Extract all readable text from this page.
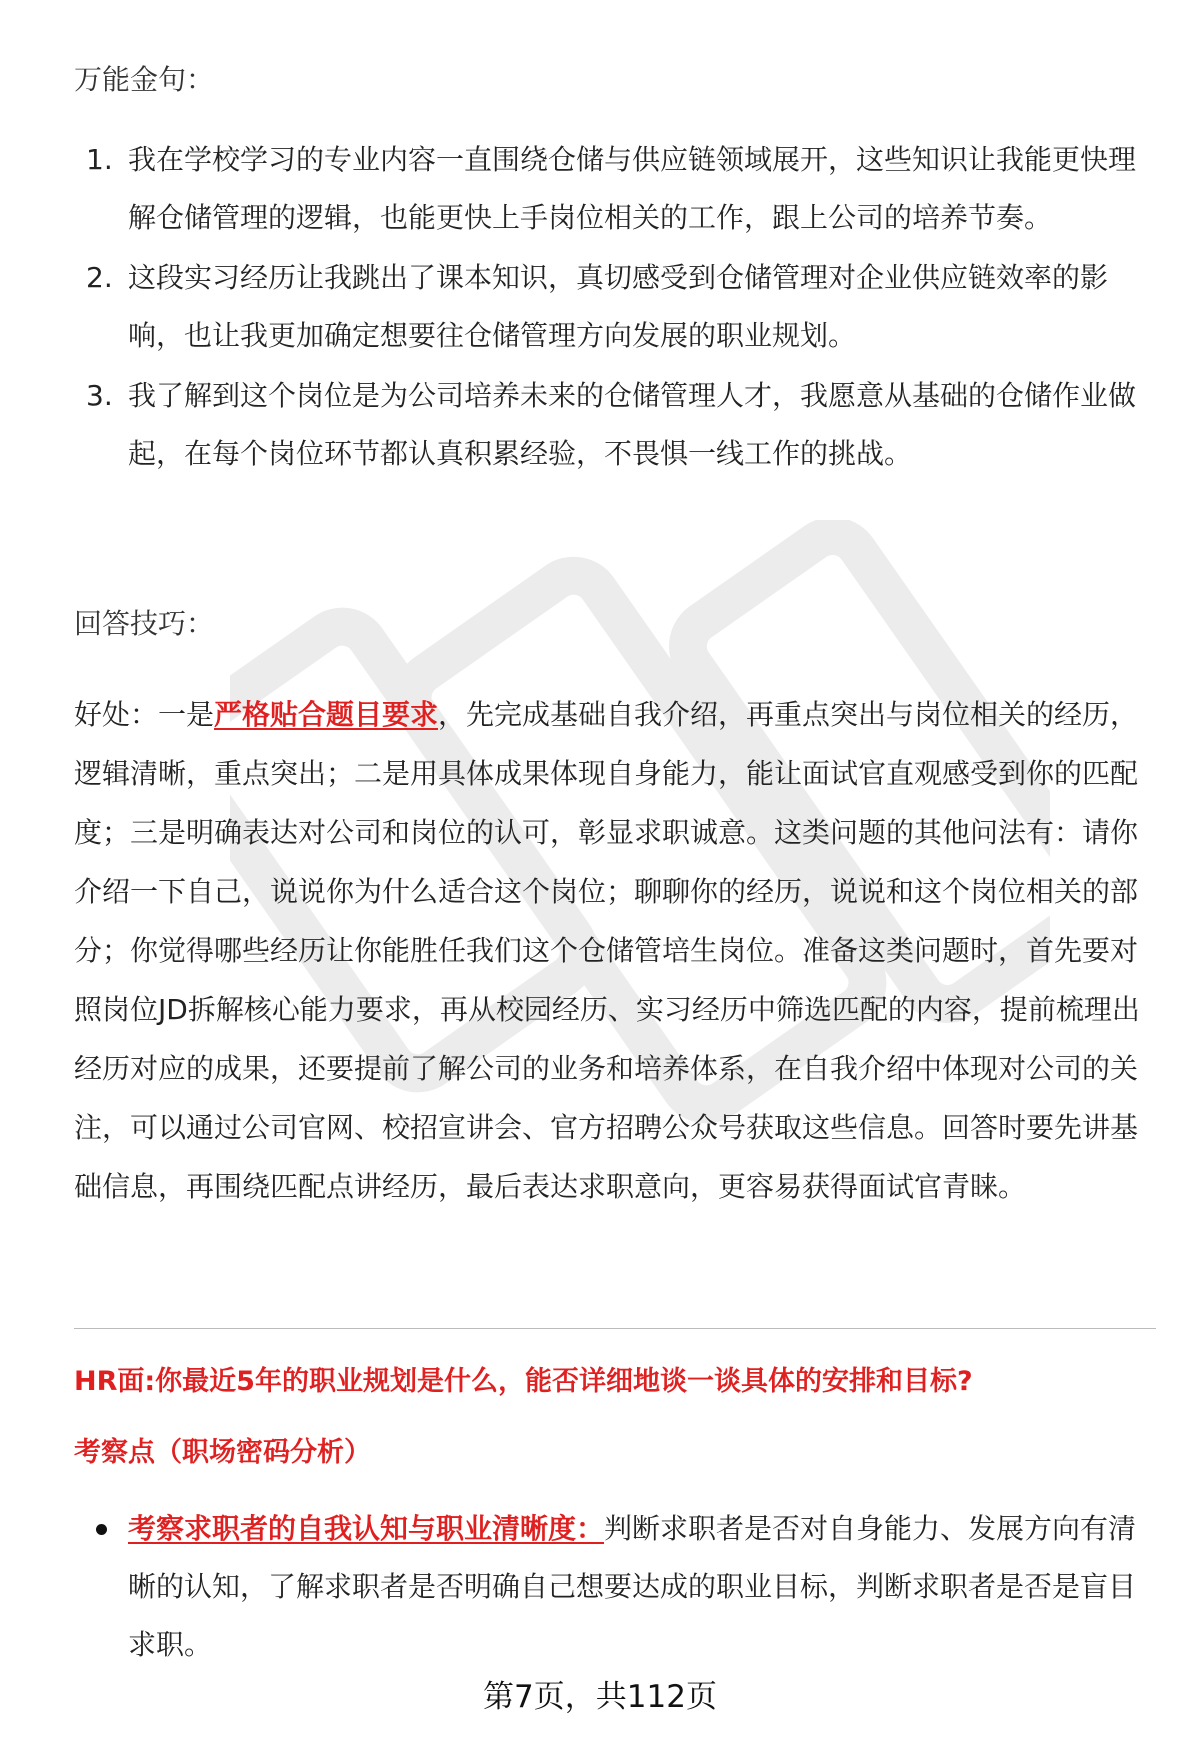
万能金句：
1. 我在学校学习的专业内容一直围绕仓储与供应链领域展开，这些知识让我能更快理解仓储管理的逻辑，也能更快上手岗位相关的工作，跟上公司的培养节奏。
2. 这段实习经历让我跳出了课本知识，真切感受到仓储管理对企业供应链效率的影响，也让我更加确定想要往仓储管理方向发展的职业规划。
3. 我了解到这个岗位是为公司培养未来的仓储管理人才，我愿意从基础的仓储作业做起，在每个岗位环节都认真积累经验，不畏惧一线工作的挑战。
回答技巧：

好处：一是严格贴合题目要求，先完成基础自我介绍，再重点突出与岗位相关的经历，逻辑清晰，重点突出；二是用具体成果体现自身能力，能让面试官直观感受到你的匹配度；三是明确表达对公司和岗位的认可，彰显求职诚意。这类问题的其他问法有：请你介绍一下自己，说说你为什么适合这个岗位；聊聊你的经历，说说和这个岗位相关的部分；你觉得哪些经历让你能胜任我们这个仓储管培生岗位。准备这类问题时，首先要对照岗位JD拆解核心能力要求，再从校园经历、实习经历中筛选匹配的内容，提前梳理出经历对应的成果，还要提前了解公司的业务和培养体系，在自我介绍中体现对公司的关注，可以通过公司官网、校招宣讲会、官方招聘公众号获取这些信息。回答时要先讲基础信息，再围绕匹配点讲经历，最后表达求职意向，更容易获得面试官青睐。

HR面:你最近5年的职业规划是什么，能否详细地谈一谈具体的安排和目标?
考察点（职场密码分析）
考察求职者的自我认知与职业清晰度：判断求职者是否对自身能力、发展方向有清晰的认知，了解求职者是否明确自己想要达成的职业目标，判断求职者是否是盲目求职。
第7页，共112页
